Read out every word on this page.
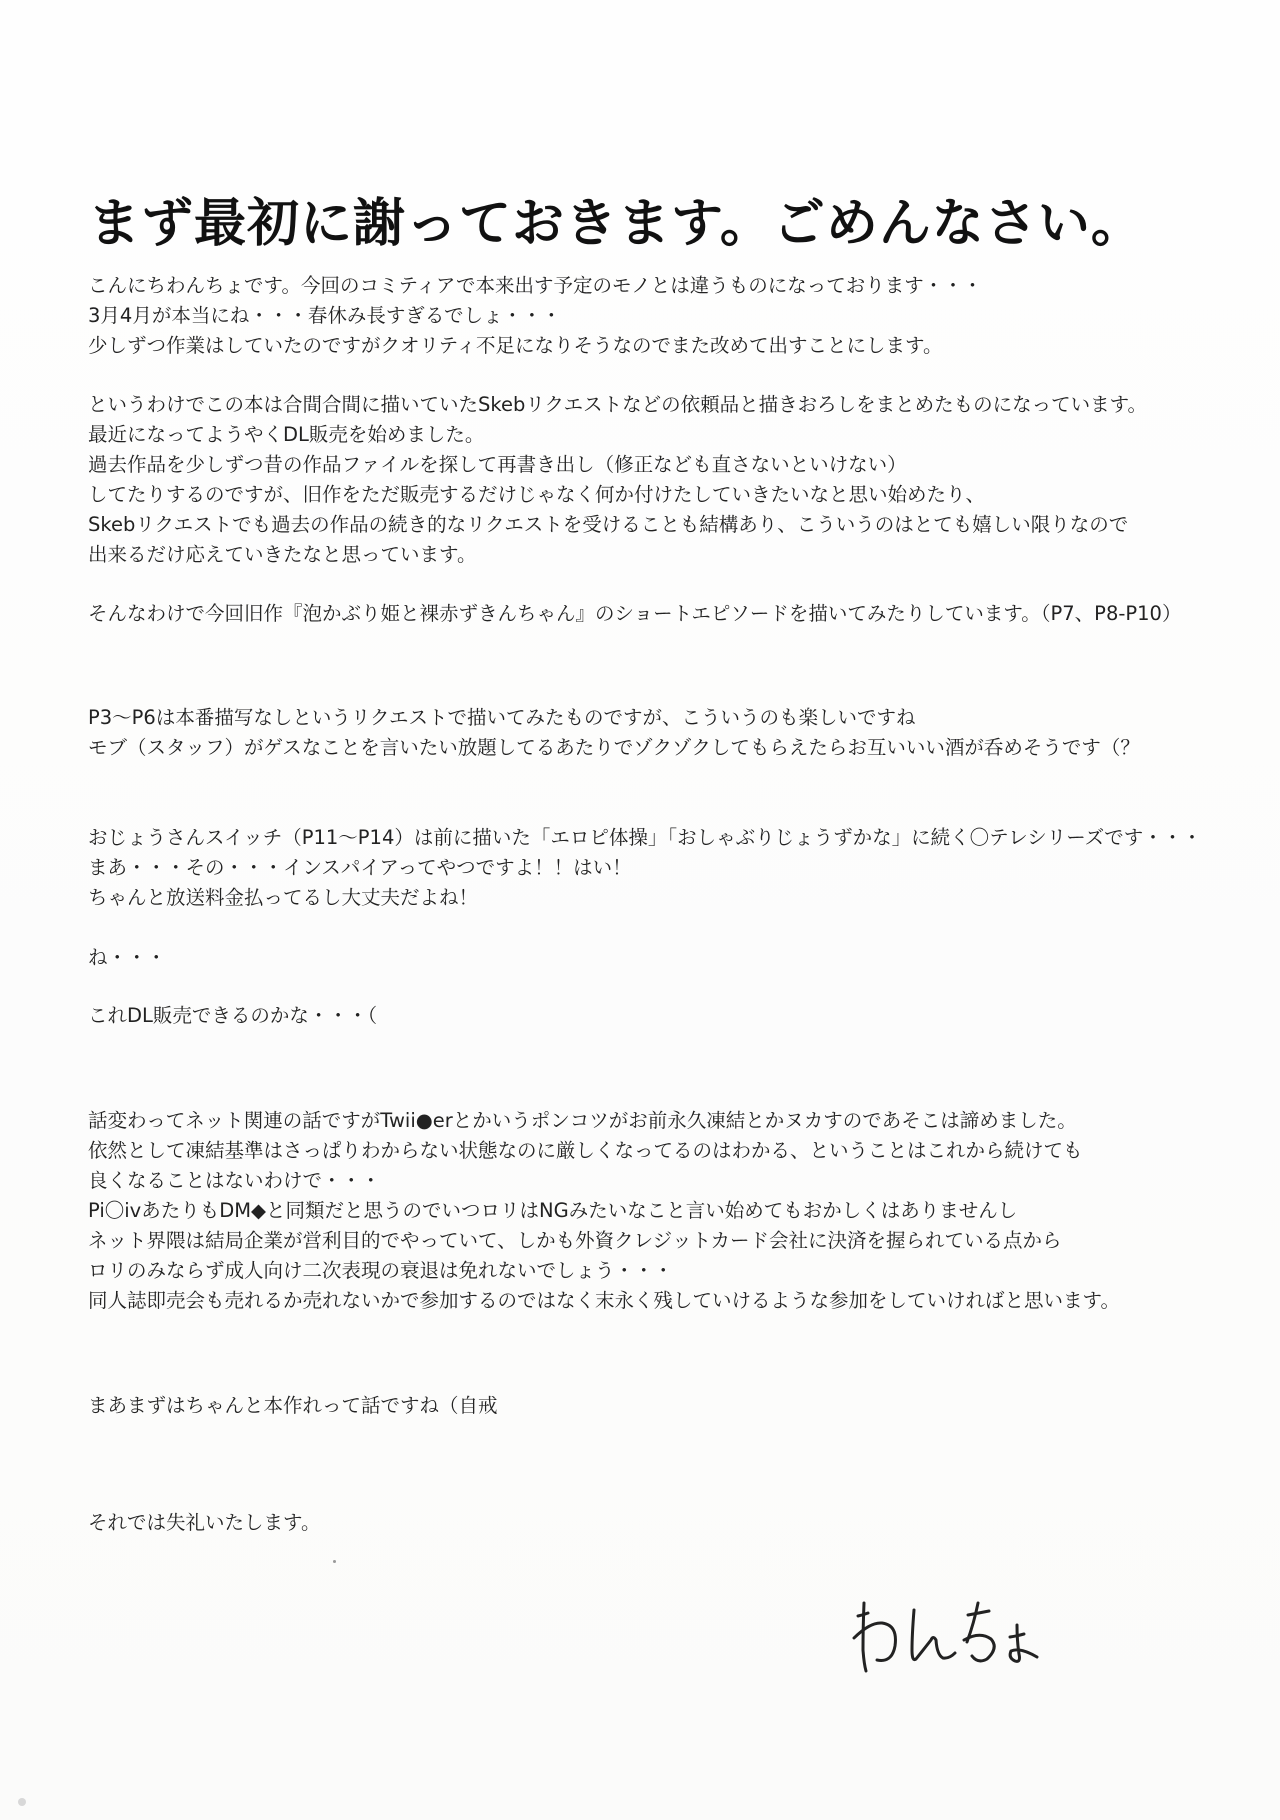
まず最初に謝っておきます。ごめんなさい。
こんにちわんちょです。今回のコミティアで本来出す予定のモノとは違うものになっております・・・
3月4月が本当にね・・・春休み長すぎるでしょ・・・
少しずつ作業はしていたのですがクオリティ不足になりそうなのでまた改めて出すことにします。
というわけでこの本は合間合間に描いていたSkebリクエストなどの依頼品と描きおろしをまとめたものになっています。
最近になってようやくDL販売を始めました。
過去作品を少しずつ昔の作品ファイルを探して再書き出し（修正なども直さないといけない）
してたりするのですが、旧作をただ販売するだけじゃなく何か付けたしていきたいなと思い始めたり、
Skebリクエストでも過去の作品の続き的なリクエストを受けることも結構あり、こういうのはとても嬉しい限りなので
出来るだけ応えていきたなと思っています。
そんなわけで今回旧作『泡かぶり姫と裸赤ずきんちゃん』のショートエピソードを描いてみたりしています。（P7、P8-P10）
P3～P6は本番描写なしというリクエストで描いてみたものですが、こういうのも楽しいですね
モブ（スタッフ）がゲスなことを言いたい放題してるあたりでゾクゾクしてもらえたらお互いいい酒が呑めそうです（？
おじょうさんスイッチ（P11～P14）は前に描いた「エロピ体操」「おしゃぶりじょうずかな」に続く〇テレシリーズです・・・
まあ・・・その・・・インスパイアってやつですよ！！はい！
ちゃんと放送料金払ってるし大丈夫だよね！
ね・・・
これDL販売できるのかな・・・（
話変わってネット関連の話ですがTwii●erとかいうポンコツがお前永久凍結とかヌカすのであそこは諦めました。
依然として凍結基準はさっぱりわからない状態なのに厳しくなってるのはわかる、ということはこれから続けても
良くなることはないわけで・・・
Pi〇ivあたりもDM◆と同類だと思うのでいつロリはNGみたいなこと言い始めてもおかしくはありませんし
ネット界隈は結局企業が営利目的でやっていて、しかも外資クレジットカード会社に決済を握られている点から
ロリのみならず成人向け二次表現の衰退は免れないでしょう・・・
同人誌即売会も売れるか売れないかで参加するのではなく末永く残していけるような参加をしていければと思います。
まあまずはちゃんと本作れって話ですね（自戒
それでは失礼いたします。
